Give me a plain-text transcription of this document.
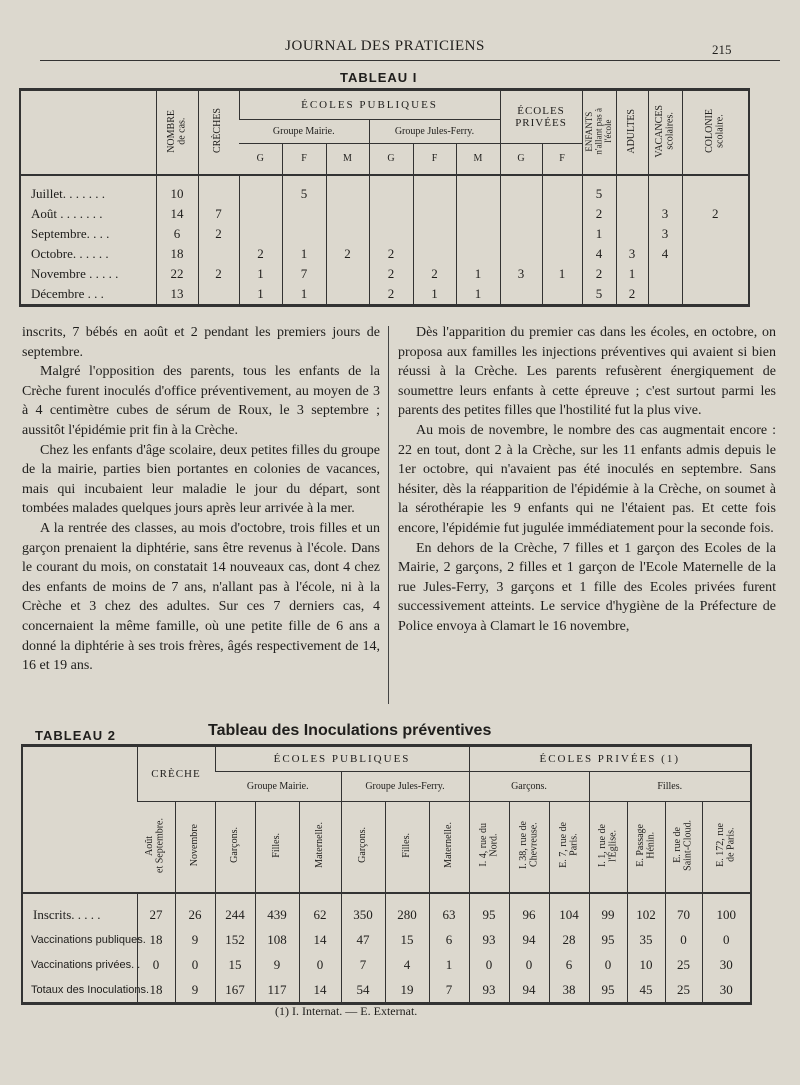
JOURNAL DES PRATICIENS	215
TABLEAU I
	NOMBRE
de cas.	CRÈCHES	ÉCOLES PUBLIQUES						ÉCOLES PRIVÉES		ENFANTS
n'allant pas à
l'école	ADULTES	VACANCES
scolaires.	COLONIE
scolaire.
			Groupe Mairie.			Groupe Jules-Ferry.								
			G	F	M	G	F	M	G	F				

Juillet. . . . . . .	10			5							5			
Août . . . . . . .	14	7									2		3	2
Septembre. . . .	6	2									1		3	
Octobre. . . . . .	18		2	1	2	2					4	3	4	
Novembre . . . . .	22	2	1	7		2	2	1	3	1	2	1		
Décembre . . .	13		1	1		2	1	1			5	2		

inscrits, 7 bébés en août et 2 pendant les premiers jours de septembre.

Malgré l'opposition des parents, tous les enfants de la Crèche furent inoculés d'office préventivement, au moyen de 3 à 4 centimètre cubes de sérum de Roux, le 3 septembre ; aussitôt l'épidémie prit fin à la Crèche.

Chez les enfants d'âge scolaire, deux petites filles du groupe de la mairie, parties bien portantes en colonies de vacances, mais qui incubaient leur maladie le jour du départ, sont tombées malades quelques jours après leur arrivée à la mer.

A la rentrée des classes, au mois d'octobre, trois filles et un garçon prenaient la diphtérie, sans être revenus à l'école. Dans le courant du mois, on constatait 14 nouveaux cas, dont 4 chez des enfants de moins de 7 ans, n'allant pas à l'école, ni à la Crèche et 3 chez des adultes. Sur ces 7 derniers cas, 4 concernaient la même famille, où une petite fille de 6 ans a donné la diphtérie à ses trois frères, âgés respectivement de 14, 16 et 19 ans.

Dès l'apparition du premier cas dans les écoles, en octobre, on proposa aux familles les injections préventives qui avaient si bien réussi à la Crèche. Les parents refusèrent énergiquement de soumettre leurs enfants à cette épreuve ; c'est surtout parmi les parents des petites filles que l'hostilité fut la plus vive.

Au mois de novembre, le nombre des cas augmentait encore : 22 en tout, dont 2 à la Crèche, sur les 11 enfants admis depuis le 1er octobre, qui n'avaient pas été inoculés en septembre. Sans hésiter, dès la réapparition de l'épidémie à la Crèche, on soumet à la sérothérapie les 9 enfants qui ne l'étaient pas. Et cette fois encore, l'épidémie fut jugulée immédiatement pour la seconde fois.

En dehors de la Crèche, 7 filles et 1 garçon des Ecoles de la Mairie, 2 garçons, 2 filles et 1 garçon de l'Ecole Maternelle de la rue Jules-Ferry, 3 garçons et 1 fille des Ecoles privées furent successivement atteints. Le service d'hygiène de la Préfecture de Police envoya à Clamart le 16 novembre,

TABLEAU 2	Tableau des Inoculations préventives
	CRÈCHE		ÉCOLES PUBLIQUES						ÉCOLES PRIVÉES (1)						
			Groupe Mairie.			Groupe Jules-Ferry.			Garçons.			Filles.			
	Août
et Septembre.	Novembre	Garçons.	Filles.	Maternelle.	Garçons.	Filles.	Maternelle.	I. 4, rue du
Nord.	I. 38, rue de
Chevreuse.	E. 7, rue de
Paris.	I. 1, rue de
l'Église.	E. Passage
Hénin.	E. rue de
Saint-Cloud.	E. 172, rue
de Paris.

Inscrits. . . . .	27	26	244	439	62	350	280	63	95	96	104	99	102	70	100
Vaccinations publiques.	18	9	152	108	14	47	15	6	93	94	28	95	35	0	0
Vaccinations privées. .	0	0	15	9	0	7	4	1	0	0	6	0	10	25	30
Totaux des Inoculations.	18	9	167	117	14	54	19	7	93	94	38	95	45	25	30
(1) I. Internat. — E. Externat.
